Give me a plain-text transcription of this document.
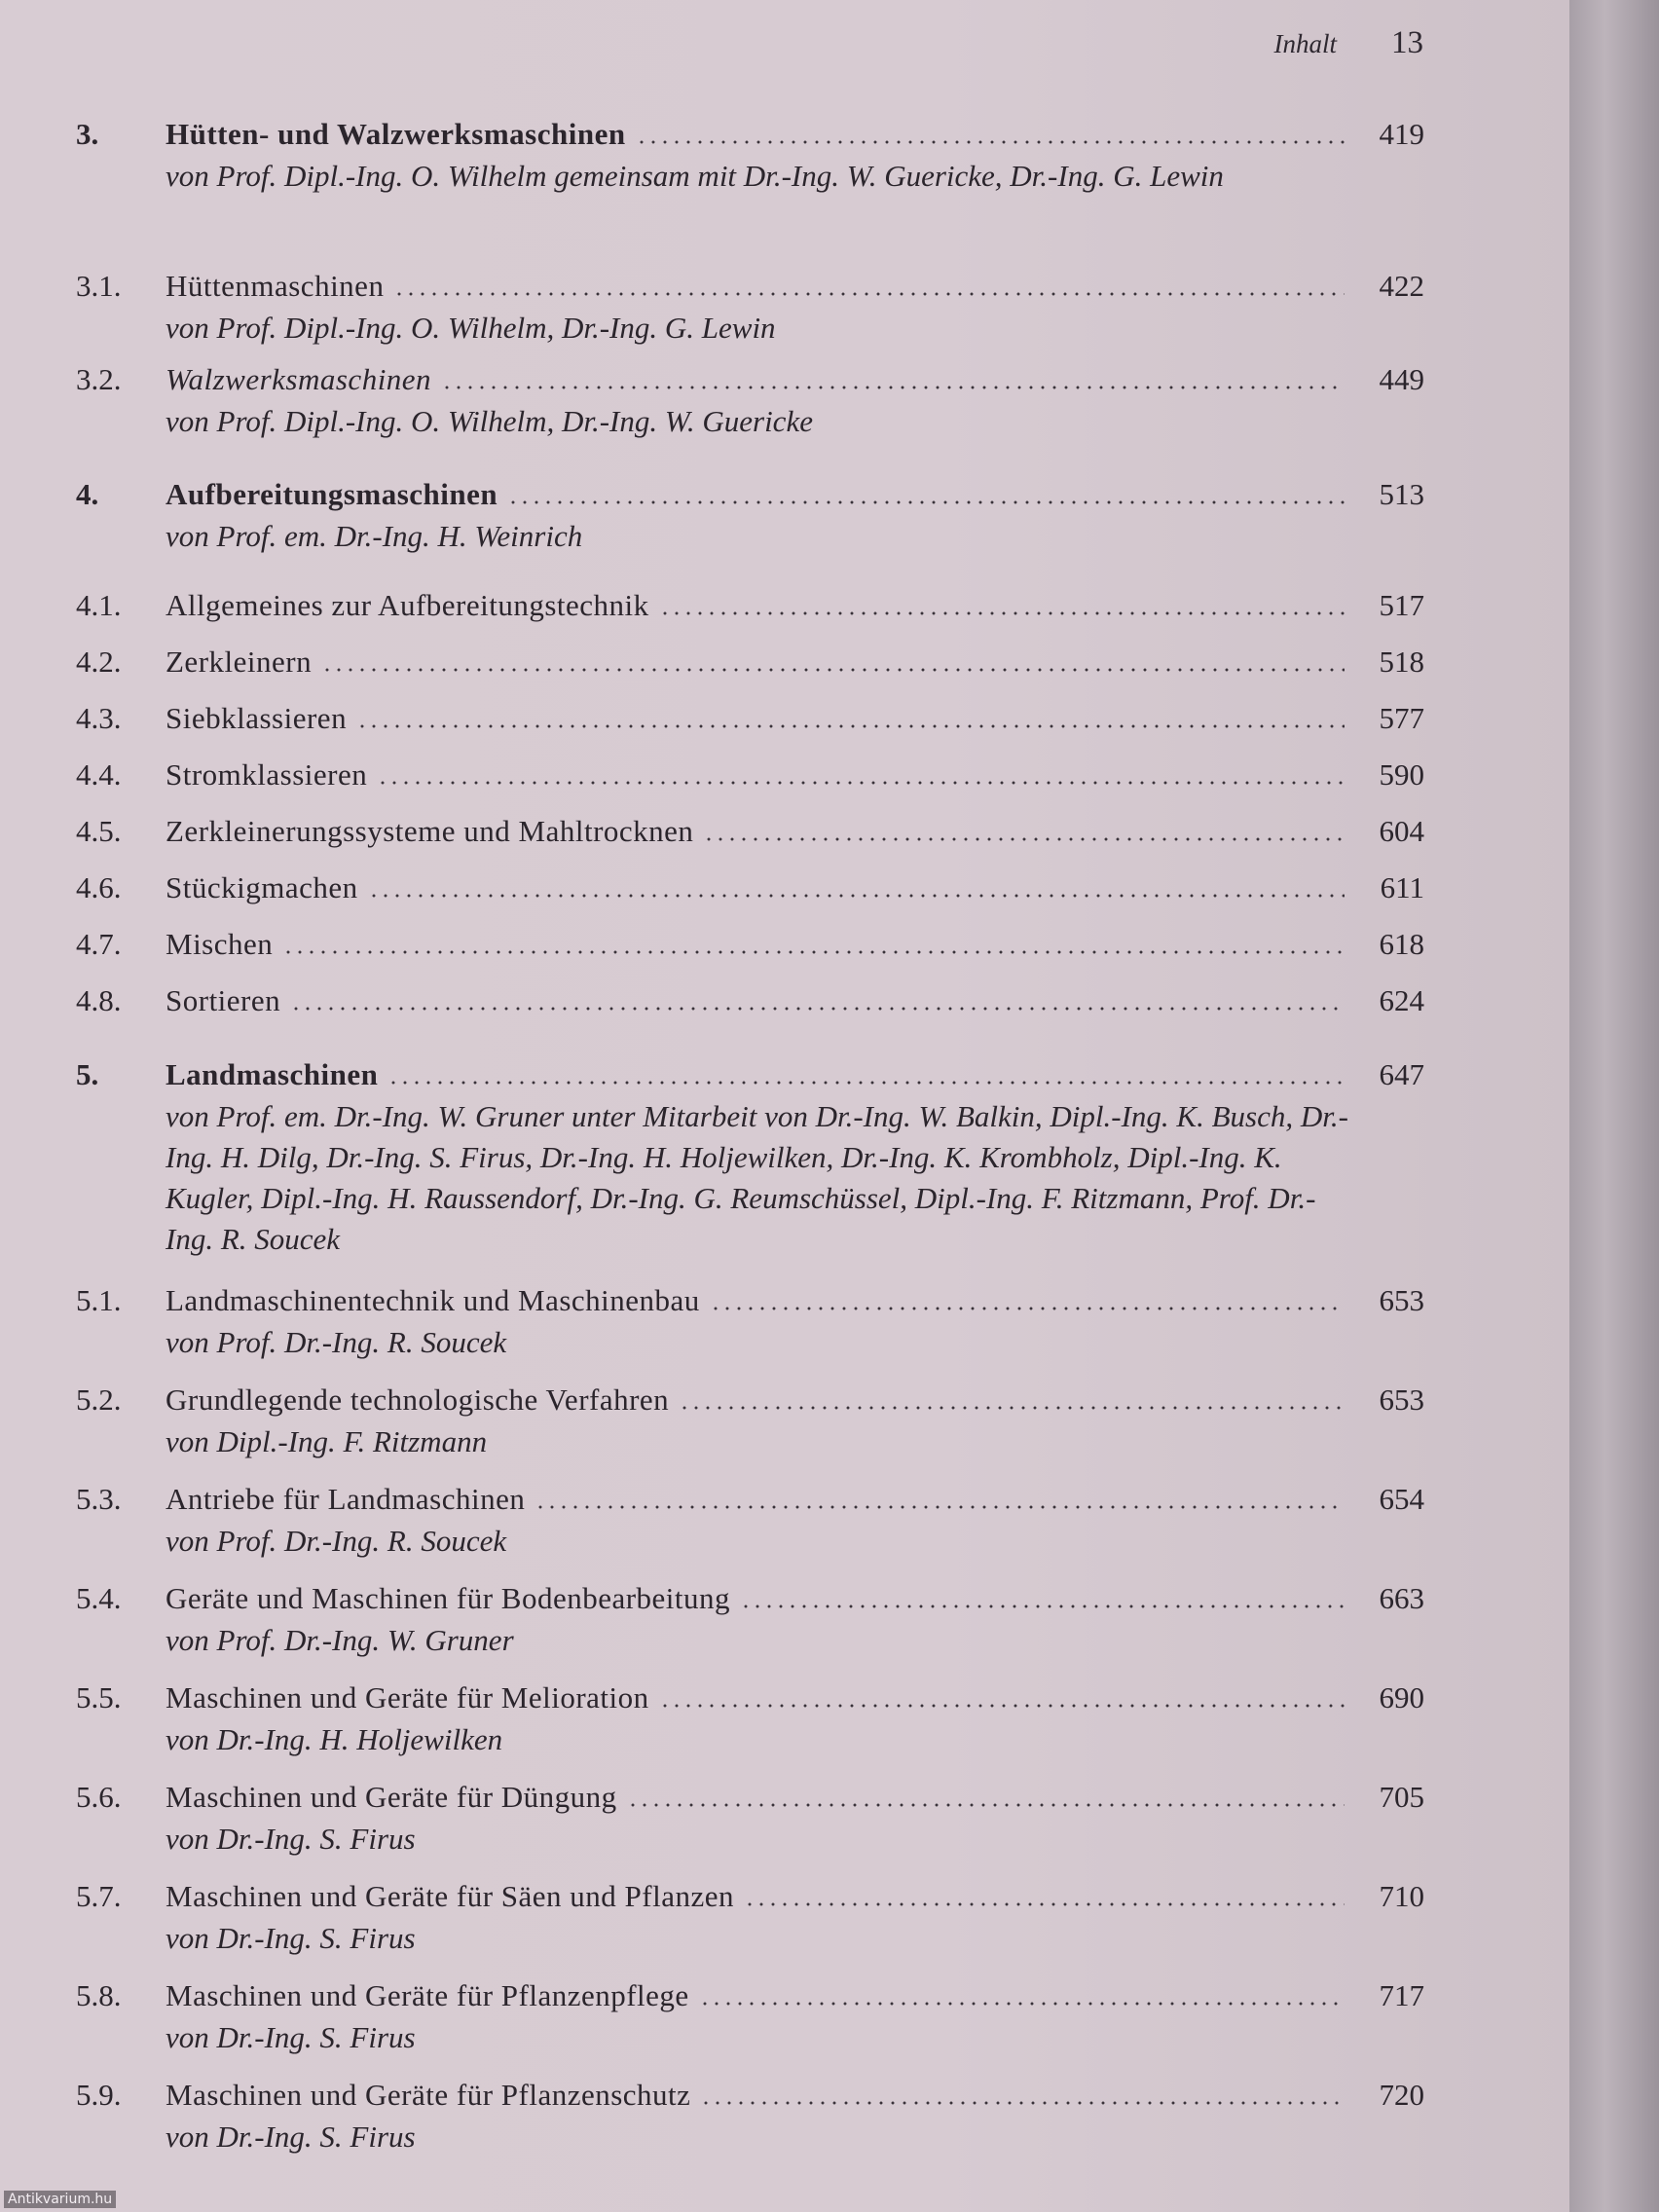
Inhalt 13
3.	Hütten- und Walzwerksmaschinen	419
von Prof. Dipl.-Ing. O. Wilhelm gemeinsam mit Dr.-Ing. W. Guericke, Dr.-Ing. G. Lewin
3.1.	Hüttenmaschinen	422
von Prof. Dipl.-Ing. O. Wilhelm, Dr.-Ing. G. Lewin
3.2.	Walzwerksmaschinen	449
von Prof. Dipl.-Ing. O. Wilhelm, Dr.-Ing. W. Guericke
4.	Aufbereitungsmaschinen	513
von Prof. em. Dr.-Ing. H. Weinrich
4.1.	Allgemeines zur Aufbereitungstechnik	517
4.2.	Zerkleinern	518
4.3.	Siebklassieren	577
4.4.	Stromklassieren	590
4.5.	Zerkleinerungssysteme und Mahltrocknen	604
4.6.	Stückigmachen	611
4.7.	Mischen	618
4.8.	Sortieren	624
5.	Landmaschinen	647
von Prof. em. Dr.-Ing. W. Gruner unter Mitarbeit von Dr.-Ing. W. Balkin, Dipl.-Ing. K. Busch, Dr.-Ing. H. Dilg, Dr.-Ing. S. Firus, Dr.-Ing. H. Holjewilken, Dr.-Ing. K. Krombholz, Dipl.-Ing. K. Kugler, Dipl.-Ing. H. Raussendorf, Dr.-Ing. G. Reumschüssel, Dipl.-Ing. F. Ritzmann, Prof. Dr.-Ing. R. Soucek
5.1.	Landmaschinentechnik und Maschinenbau	653
von Prof. Dr.-Ing. R. Soucek
5.2.	Grundlegende technologische Verfahren	653
von Dipl.-Ing. F. Ritzmann
5.3.	Antriebe für Landmaschinen	654
von Prof. Dr.-Ing. R. Soucek
5.4.	Geräte und Maschinen für Bodenbearbeitung	663
von Prof. Dr.-Ing. W. Gruner
5.5.	Maschinen und Geräte für Melioration	690
von Dr.-Ing. H. Holjewilken
5.6.	Maschinen und Geräte für Düngung	705
von Dr.-Ing. S. Firus
5.7.	Maschinen und Geräte für Säen und Pflanzen	710
von Dr.-Ing. S. Firus
5.8.	Maschinen und Geräte für Pflanzenpflege	717
von Dr.-Ing. S. Firus
5.9.	Maschinen und Geräte für Pflanzenschutz	720
von Dr.-Ing. S. Firus
Antikvarium.hu
